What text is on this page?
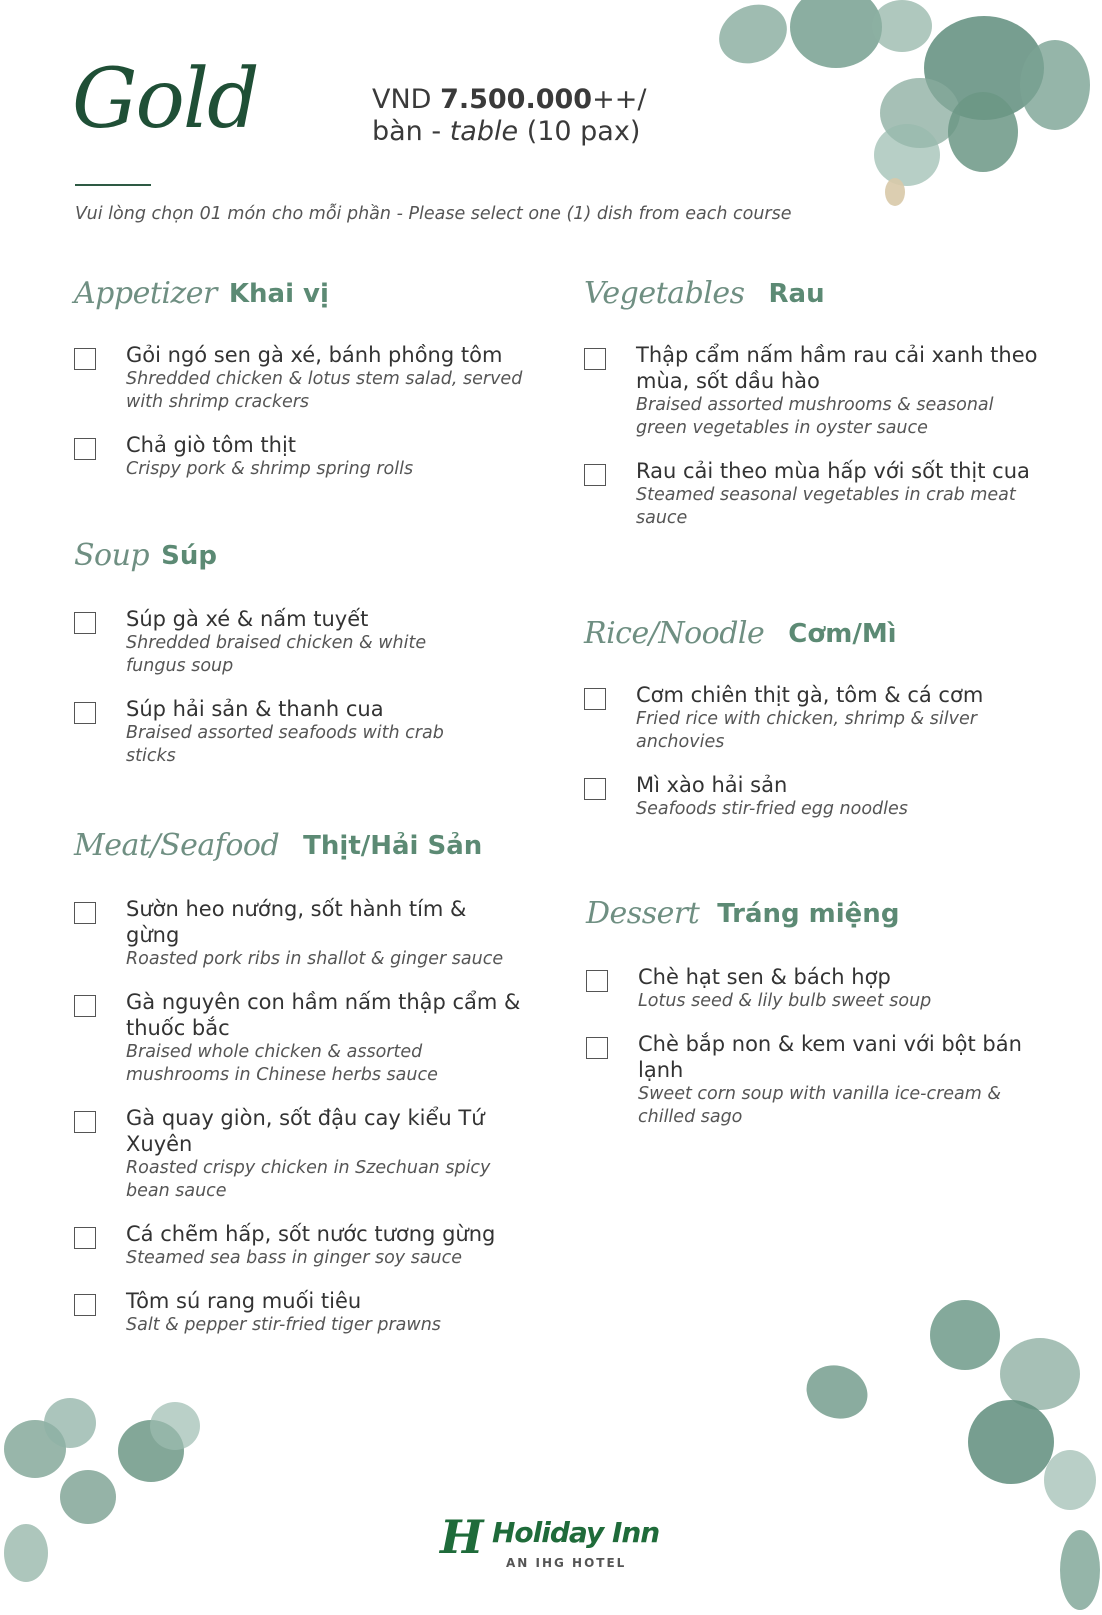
Gold	VND 7.500.000++/
bàn - table (10 pax)
Vui lòng chọn 01 món cho mỗi phần - Please select one (1) dish from each course
Appetizer Khai vị
Gỏi ngó sen gà xé, bánh phồng tôm
Shredded chicken & lotus stem salad, served with shrimp crackers
Chả giò tôm thịt
Crispy pork & shrimp spring rolls
Soup Súp
Súp gà xé & nấm tuyết
Shredded braised chicken & white fungus soup
Súp hải sản & thanh cua
Braised assorted seafoods with crab sticks
Meat/Seafood Thịt/Hải Sản
Sườn heo nướng, sốt hành tím & gừng
Roasted pork ribs in shallot & ginger sauce
Gà nguyên con hầm nấm thập cẩm & thuốc bắc
Braised whole chicken & assorted mushrooms in Chinese herbs sauce
Gà quay giòn, sốt đậu cay kiểu Tứ Xuyên
Roasted crispy chicken in Szechuan spicy bean sauce
Cá chẽm hấp, sốt nước tương gừng
Steamed sea bass in ginger soy sauce
Tôm sú rang muối tiêu
Salt & pepper stir-fried tiger prawns
Vegetables Rau
Thập cẩm nấm hầm rau cải xanh theo mùa, sốt dầu hào
Braised assorted mushrooms & seasonal green vegetables in oyster sauce
Rau cải theo mùa hấp với sốt thịt cua
Steamed seasonal vegetables in crab meat sauce
Rice/Noodle Cơm/Mì
Cơm chiên thịt gà, tôm & cá cơm
Fried rice with chicken, shrimp & silver anchovies
Mì xào hải sản
Seafoods stir-fried egg noodles
Dessert Tráng miệng
Chè hạt sen & bách hợp
Lotus seed & lily bulb sweet soup
Chè bắp non & kem vani với bột bán lạnh
Sweet corn soup with vanilla ice-cream & chilled sago
H Holiday Inn
AN IHG HOTEL
